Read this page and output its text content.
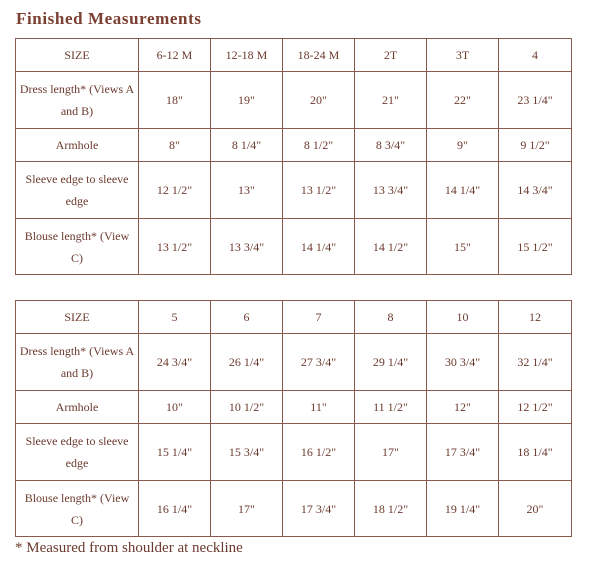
Finished Measurements
SIZE	6-12 M	12-18 M	18-24 M	2T	3T	4
Dress length* (Views A and B)	18"	19"	20"	21"	22"	23 1/4"
Armhole	8"	8 1/4"	8 1/2"	8 3/4"	9"	9 1/2"
Sleeve edge to sleeve edge	12 1/2"	13"	13 1/2"	13 3/4"	14 1/4"	14 3/4"
Blouse length* (View C)	13 1/2"	13 3/4"	14 1/4"	14 1/2"	15"	15 1/2"
SIZE	5	6	7	8	10	12
Dress length* (Views A and B)	24 3/4"	26 1/4"	27 3/4"	29 1/4"	30 3/4"	32 1/4"
Armhole	10"	10 1/2"	11"	11 1/2"	12"	12 1/2"
Sleeve edge to sleeve edge	15 1/4"	15 3/4"	16 1/2"	17"	17 3/4"	18 1/4"
Blouse length* (View C)	16 1/4"	17"	17 3/4"	18 1/2"	19 1/4"	20"
* Measured from shoulder at neckline
